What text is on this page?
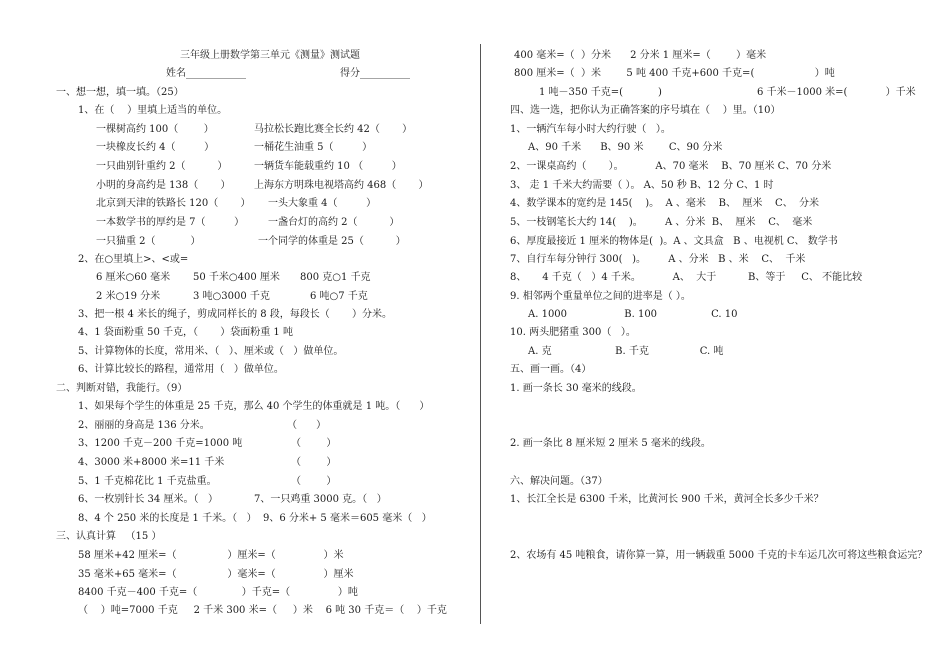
三年级上册数学第三单元《测量》测试题
姓名____________	得分__________
一、想一想，填一填。（25）
1、在（    ）里填上适当的单位。
一棵树高约 100（        ）	马拉松长跑比赛全长约 42（       ）
一块橡皮长约 4（         ）	一桶花生油重 5（         ）
一只曲别针重约 2（          ）	一辆货车能载重约 10 （         ）
小明的身高约是 138（       ） 上海东方明珠电视塔高约 468（       ）
北京到天津的铁路长 120（       ） 一头大象重 4（         ）
一本数学书的厚约是 7（         ） 一盏台灯的高约 2（          ）
一只猫重 2（           ）	一个同学的体重是 25（          ）
2、在○里填上>、<或=
6 厘米○60 毫米 50 千米○400 厘米 800 克○1 千克
2 米○19 分米	3 吨○3000 千克	6 吨○7 千克
3、把一根 4 米长的绳子，剪成同样长的 8 段，每段长（       ）分米。
4、1 袋面粉重 50 千克，（       ）袋面粉重 1 吨
5、计算物体的长度，常用米、（   ）、厘米或（   ）做单位。
6、计算比较长的路程，通常用（   ）做单位。
二、判断对错，我能行。（9）
1、如果每个学生的体重是 25 千克，那么 40 个学生的体重就是 1 吨。（      ）
2、丽丽的身高是 136 分米。	（      ）
3、1200 千克－200 千克=1000 吨	（        ）
4、3000 米+8000 米=11 千米	（        ）
5、1 千克棉花比 1 千克盐重。	（        ）
6、一枚别针长 34 厘米。（   ）	7、一只鸡重 3000 克。（   ）
8、4 个 250 米的长度是 1 千米。（   ）  9、6 分米+ 5 毫米＝605 毫米（   ）
三、认真计算   （15 ）
58 厘米+42 厘米=（                ）厘米=（               ）米
35 毫米+65 毫米=（                ）毫米=（               ）厘米
8400 千克－400 千克=（              ）千克=（               ）吨
（    ）吨=7000 千克     2 千米 300 米=（     ）米    6 吨 30 千克＝（    ）千克
400 毫米=（  ）分米      2 分米 1 厘米=（        ）毫米
800 厘米=（  ）米        5 吨 400 千克+600 千克=(                   ）吨
1 吨－350 千克=(           )	6 千米－1000 米=(            ）千米
四、选一选，把你认为正确答案的序号填在（    ）里。（10）
1、一辆汽车每小时大约行驶（   ）。
A、90 千米      B、90 米        C、90 分米
2、一课桌高约（       ）。          A、70 毫米    B、70 厘米 C、70 分米
3、 走 1 千米大约需要（ ）。 A、50 秒 B、12 分 C、1 时
4、数学课本的宽约是 145(    )。  A 、毫米    B、  厘米    C、  分米
5、一枝钢笔长大约 14(    )。       A 、分米  B、  厘米    C、  毫米
6、厚度最接近 1 厘米的物体是(  )。A 、文具盒   B 、电视机 C、 数学书
7、自行车每分钟行 300(   )。       A 、分米   B 、米    C、  千米
8、     4 千克（   ）4 千米。          A、  大于          B、等于     C、 不能比较
9. 相邻两个重量单位之间的进率是（ ）。
A. 1000                  B. 100                 C. 10
10. 两头肥猪重 300（   ）。
A. 克                    B. 千克                C. 吨
五、画一画。（4）
1. 画一条长 30 毫米的线段。
2. 画一条比 8 厘米短 2 厘米 5 毫米的线段。
六、解决问题。（37）
1、长江全长是 6300 千米，比黄河长 900 千米，黄河全长多少千米？
2、农场有 45 吨粮食，请你算一算，用一辆载重 5000 千克的卡车运几次可将这些粮食运完？
